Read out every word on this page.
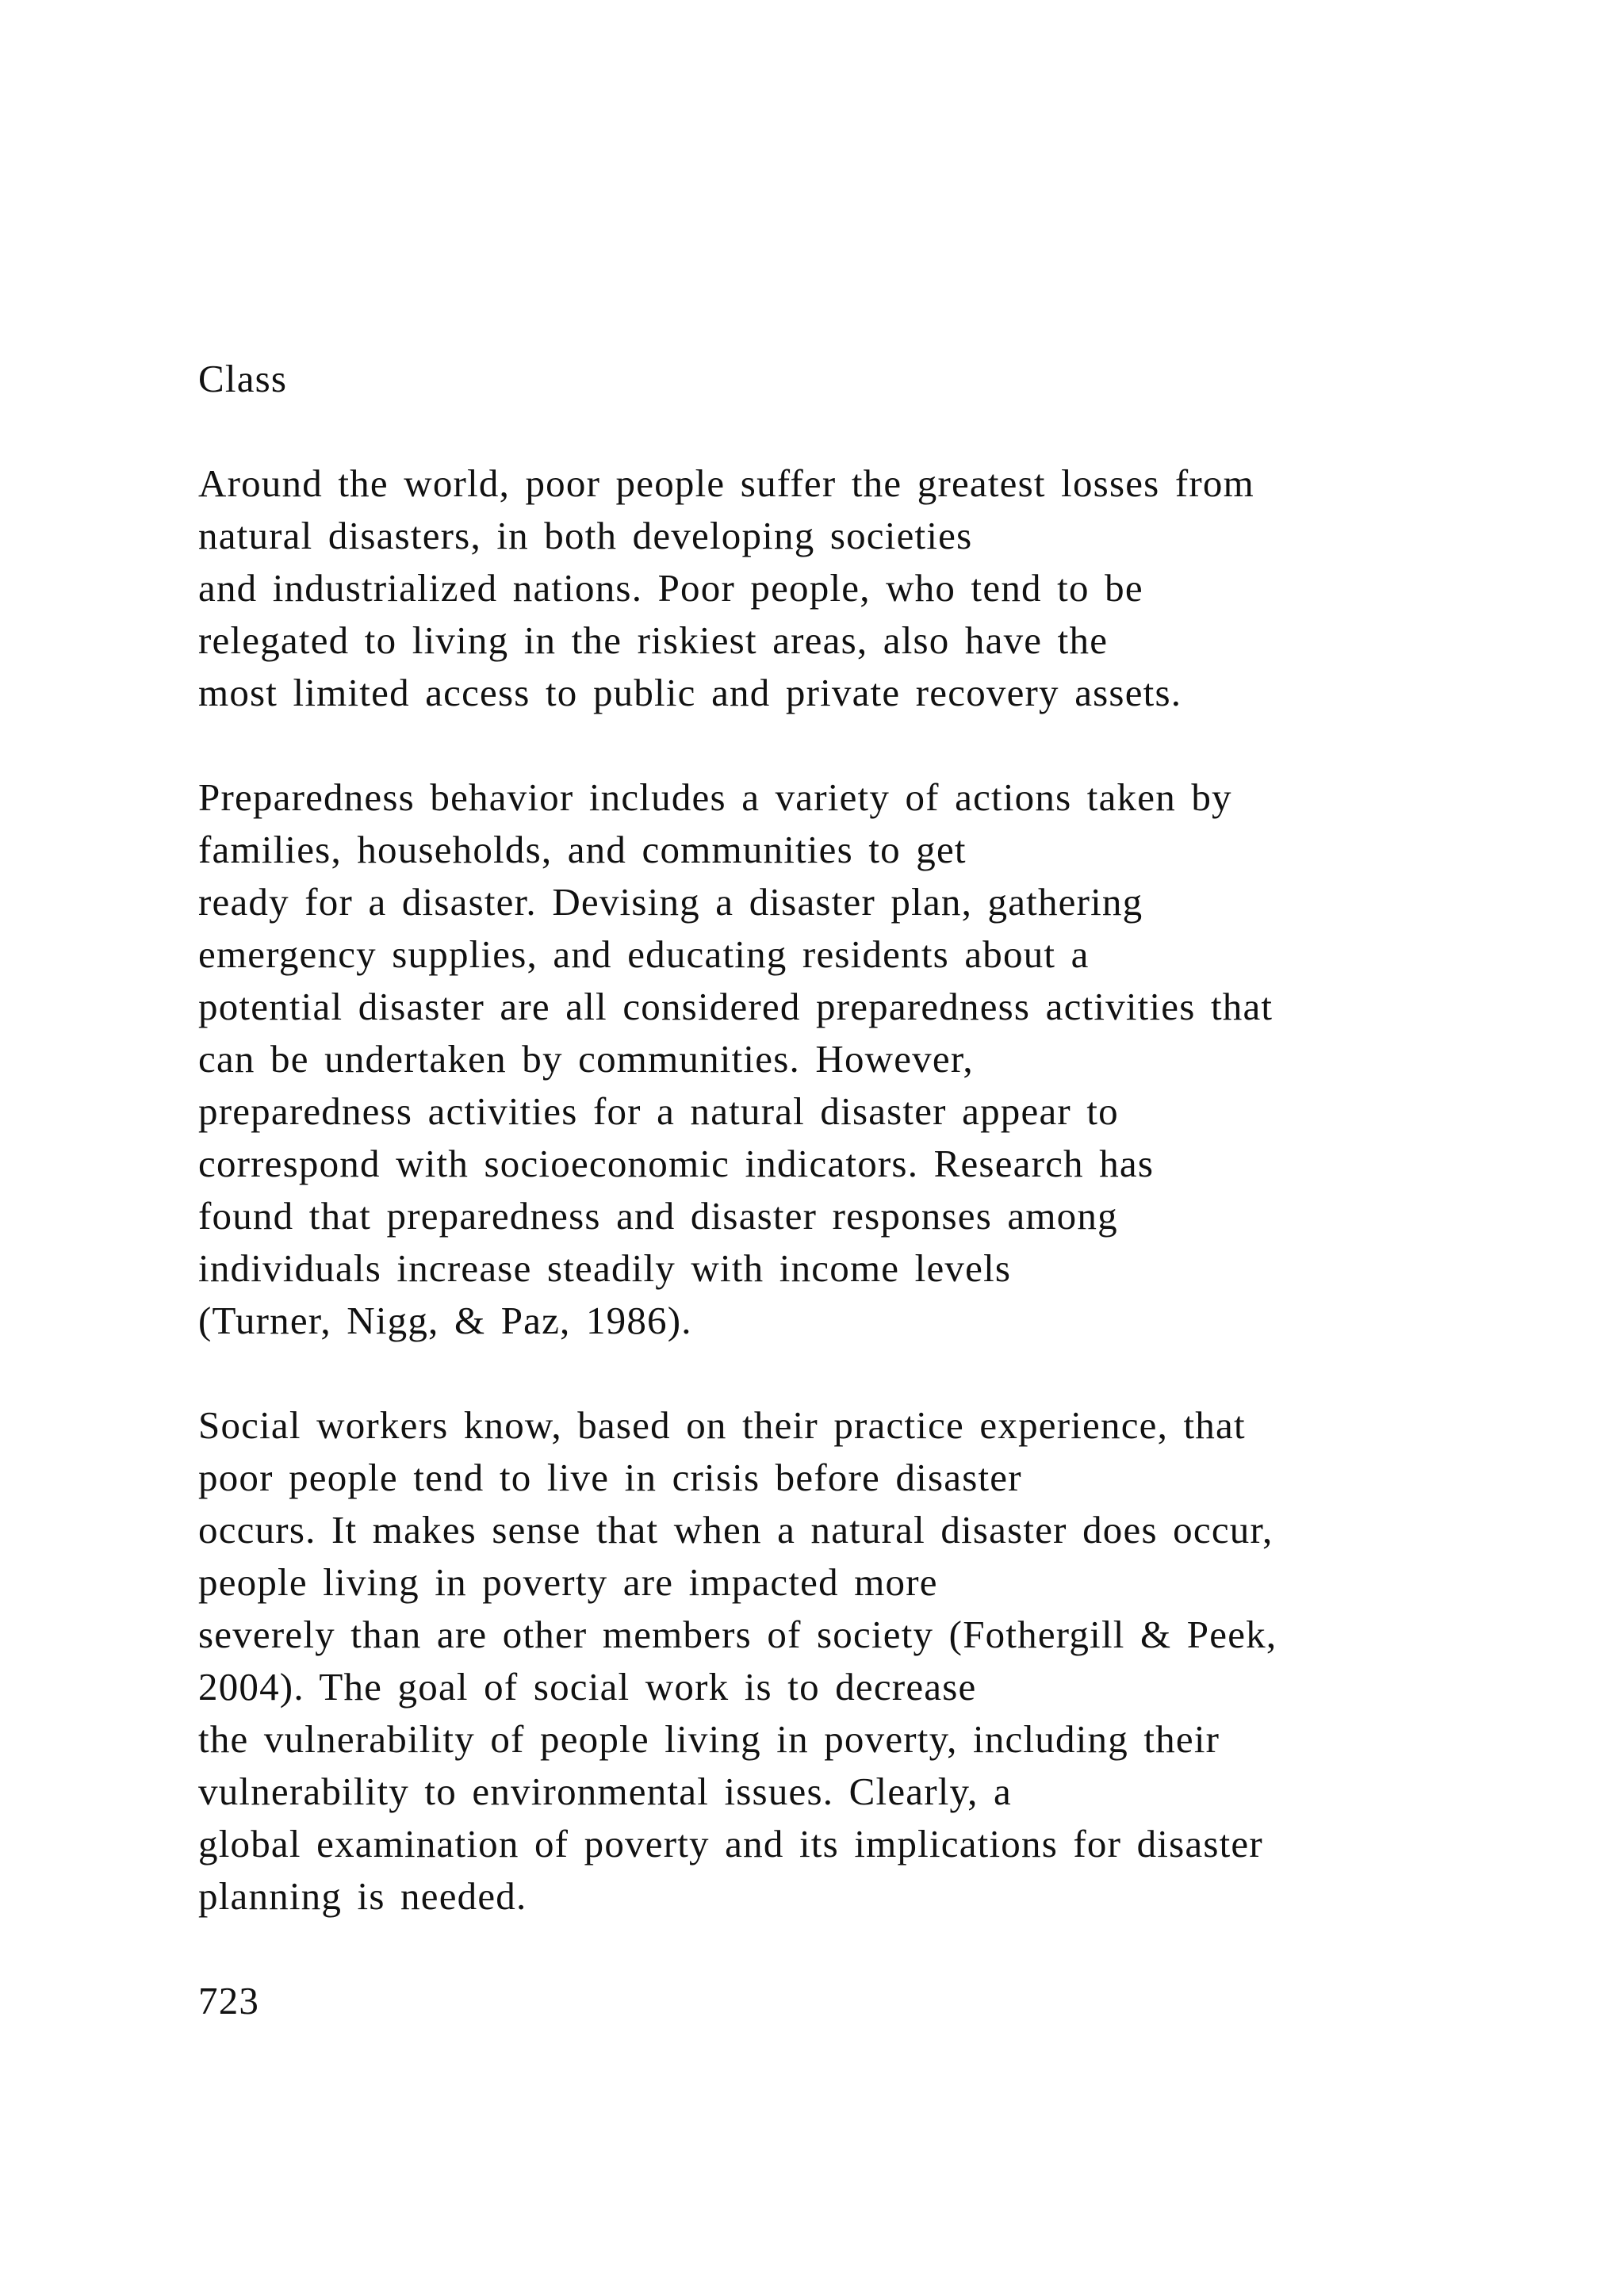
Class
Around the world, poor people suffer the greatest losses from
natural disasters, in both developing societies
and industrialized nations. Poor people, who tend to be
relegated to living in the riskiest areas, also have the
most limited access to public and private recovery assets.
Preparedness behavior includes a variety of actions taken by
families, households, and communities to get
ready for a disaster. Devising a disaster plan, gathering
emergency supplies, and educating residents about a
potential disaster are all considered preparedness activities that
can be undertaken by communities. However,
preparedness activities for a natural disaster appear to
correspond with socioeconomic indicators. Research has
found that preparedness and disaster responses among
individuals increase steadily with income levels
(Turner, Nigg, & Paz, 1986).
Social workers know, based on their practice experience, that
poor people tend to live in crisis before disaster
occurs. It makes sense that when a natural disaster does occur,
people living in poverty are impacted more
severely than are other members of society (Fothergill & Peek,
2004). The goal of social work is to decrease
the vulnerability of people living in poverty, including their
vulnerability to environmental issues. Clearly, a
global examination of poverty and its implications for disaster
planning is needed.
723
